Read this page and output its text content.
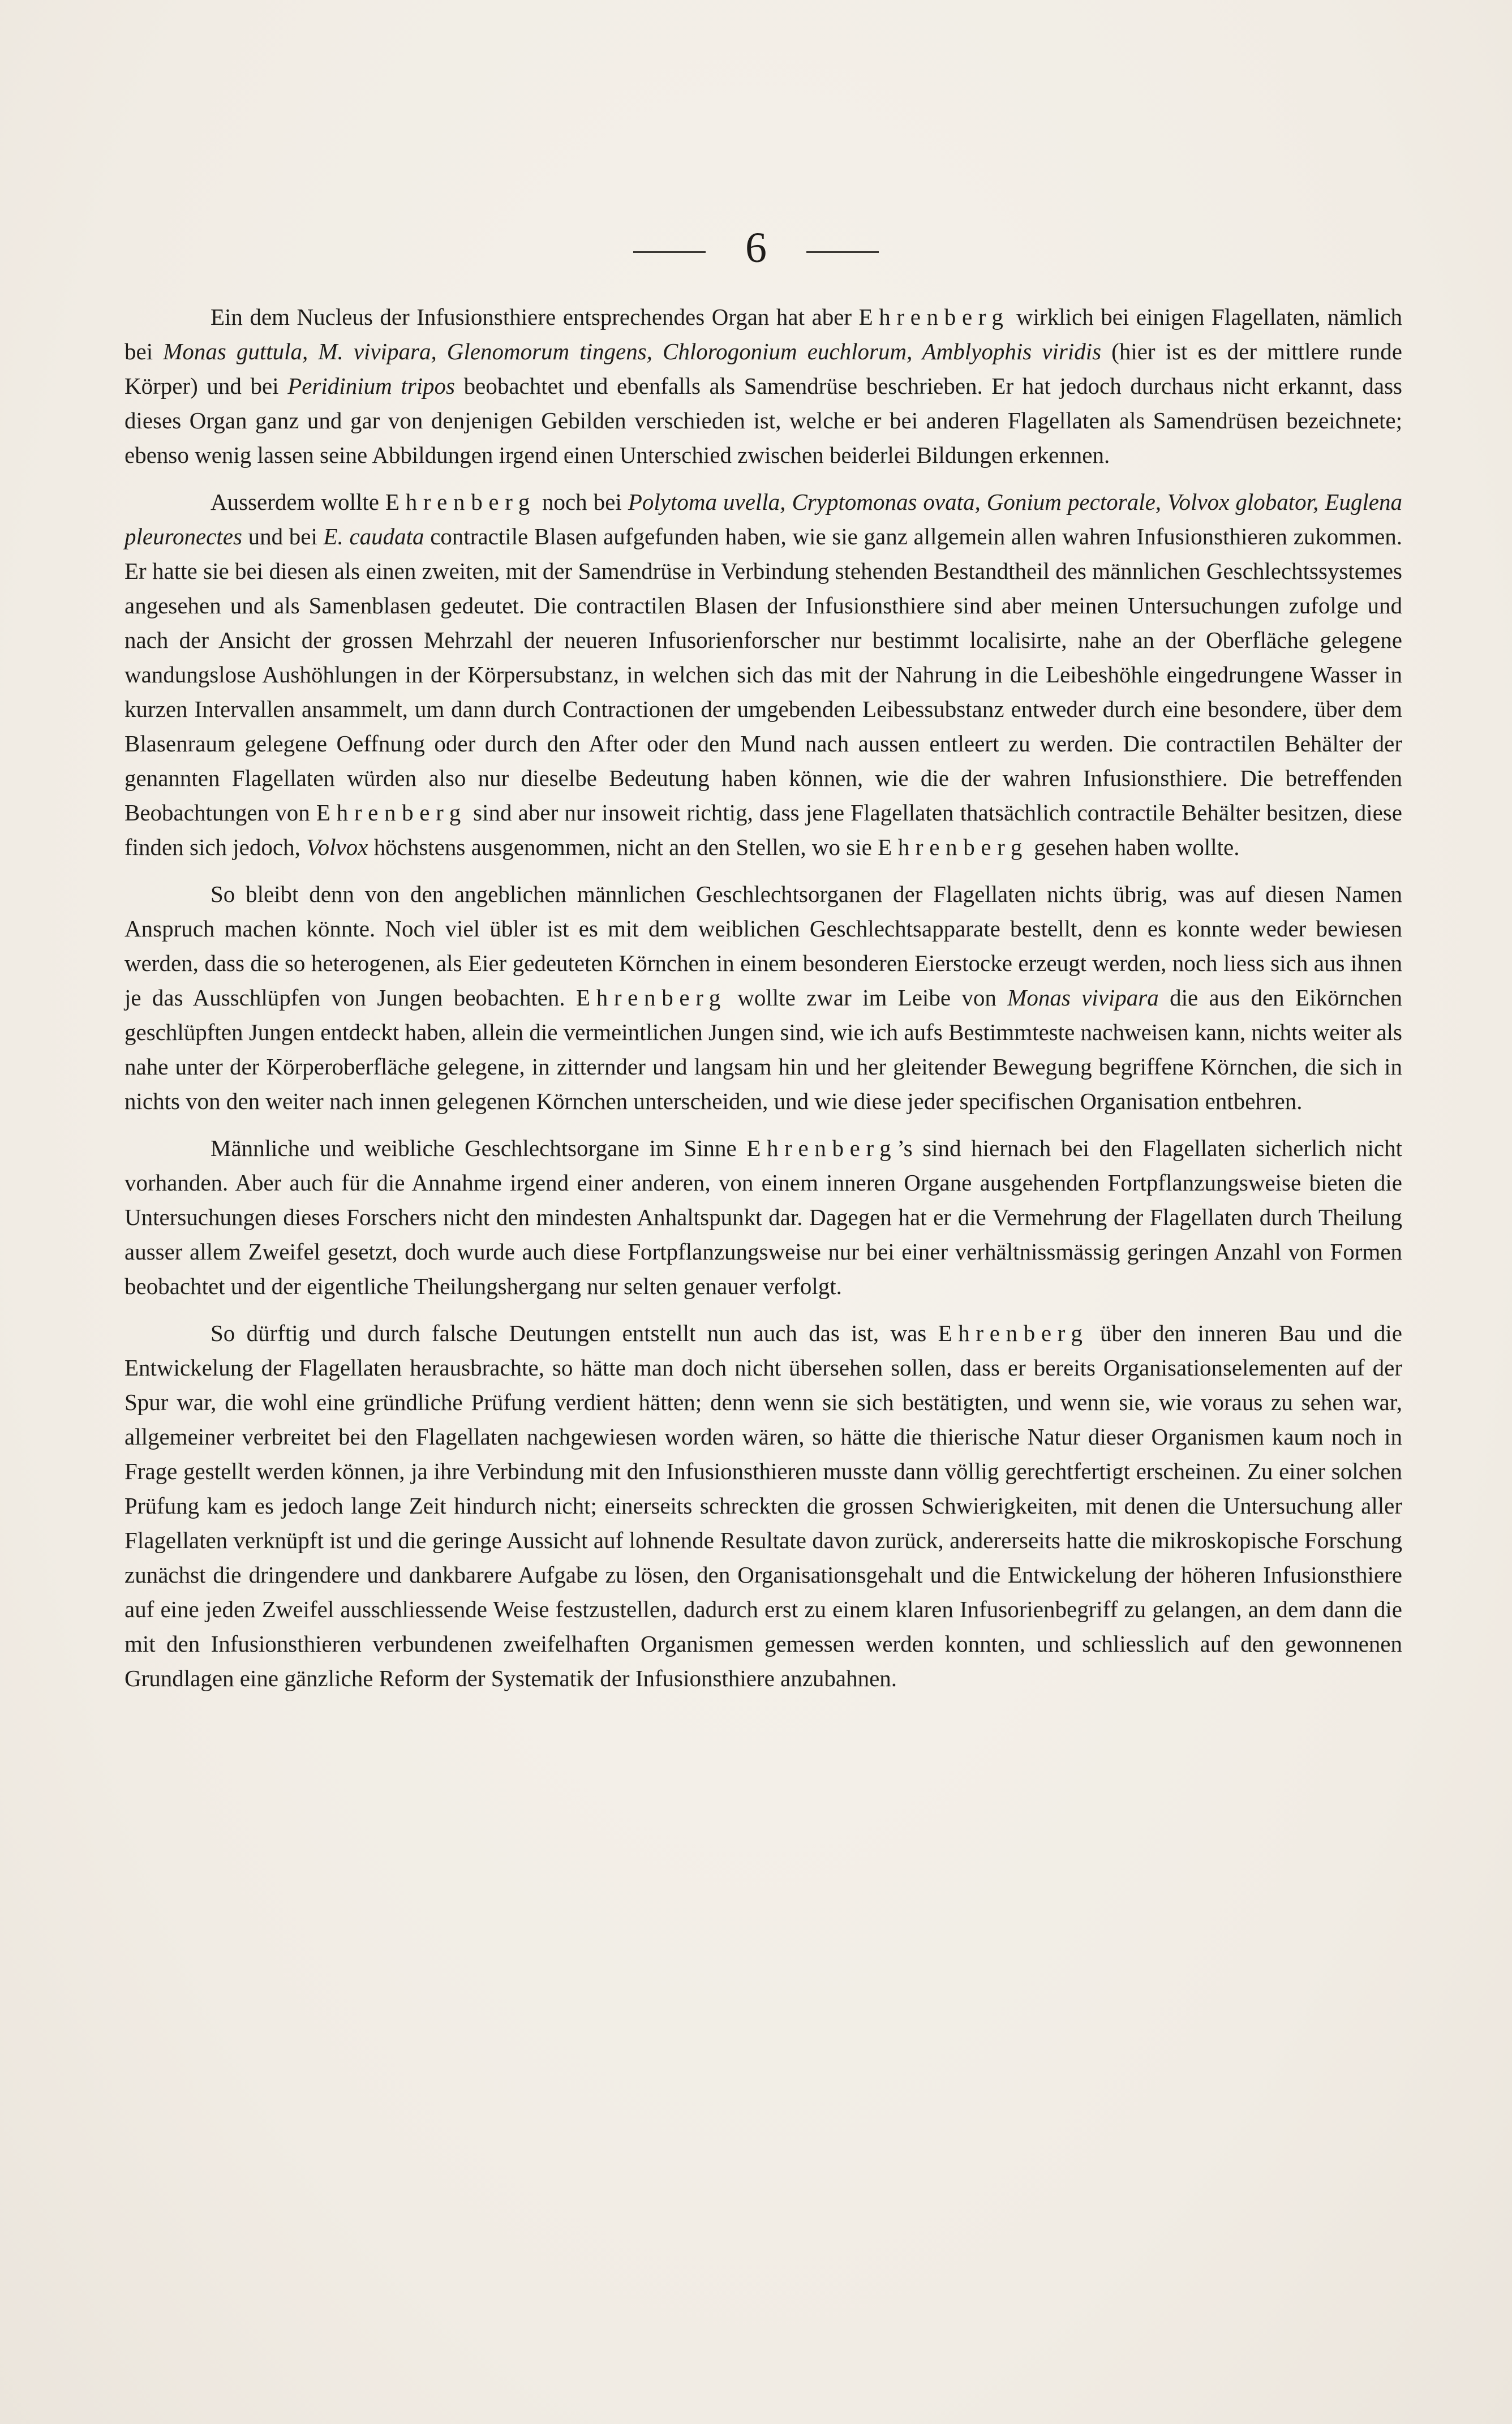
6

Ein dem Nucleus der Infusionsthiere entsprechendes Organ hat aber Ehrenberg wirklich bei einigen Flagellaten, nämlich bei Monas guttula, M. vivipara, Glenomorum tingens, Chlorogonium euchlorum, Amblyophis viridis (hier ist es der mittlere runde Körper) und bei Peridinium tripos beobachtet und ebenfalls als Samendrüse beschrieben. Er hat jedoch durchaus nicht erkannt, dass dieses Organ ganz und gar von denjenigen Gebilden verschieden ist, welche er bei anderen Flagellaten als Samendrüsen bezeichnete; ebenso wenig lassen seine Abbildungen irgend einen Unterschied zwischen beiderlei Bildungen erkennen.

Ausserdem wollte Ehrenberg noch bei Polytoma uvella, Cryptomonas ovata, Gonium pectorale, Volvox globator, Euglena pleuronectes und bei E. caudata contractile Blasen aufgefunden haben, wie sie ganz allgemein allen wahren Infusionsthieren zukommen. Er hatte sie bei diesen als einen zweiten, mit der Samendrüse in Verbindung stehenden Bestandtheil des männlichen Geschlechtssystemes angesehen und als Samenblasen gedeutet. Die contractilen Blasen der Infusionsthiere sind aber meinen Untersuchungen zufolge und nach der Ansicht der grossen Mehrzahl der neueren Infusorienforscher nur bestimmt localisirte, nahe an der Oberfläche gelegene wandungslose Aushöhlungen in der Körpersubstanz, in welchen sich das mit der Nahrung in die Leibeshöhle eingedrungene Wasser in kurzen Intervallen ansammelt, um dann durch Contractionen der umgebenden Leibessubstanz entweder durch eine besondere, über dem Blasenraum gelegene Oeffnung oder durch den After oder den Mund nach aussen entleert zu werden. Die contractilen Behälter der genannten Flagellaten würden also nur dieselbe Bedeutung haben können, wie die der wahren Infusionsthiere. Die betreffenden Beobachtungen von Ehrenberg sind aber nur insoweit richtig, dass jene Flagellaten thatsächlich contractile Behälter besitzen, diese finden sich jedoch, Volvox höchstens ausgenommen, nicht an den Stellen, wo sie Ehrenberg gesehen haben wollte.

So bleibt denn von den angeblichen männlichen Geschlechtsorganen der Flagellaten nichts übrig, was auf diesen Namen Anspruch machen könnte. Noch viel übler ist es mit dem weiblichen Geschlechtsapparate bestellt, denn es konnte weder bewiesen werden, dass die so heterogenen, als Eier gedeuteten Körnchen in einem besonderen Eierstocke erzeugt werden, noch liess sich aus ihnen je das Ausschlüpfen von Jungen beobachten. Ehrenberg wollte zwar im Leibe von Monas vivipara die aus den Eikörnchen geschlüpften Jungen entdeckt haben, allein die vermeintlichen Jungen sind, wie ich aufs Bestimmteste nachweisen kann, nichts weiter als nahe unter der Körperoberfläche gelegene, in zitternder und langsam hin und her gleitender Bewegung begriffene Körnchen, die sich in nichts von den weiter nach innen gelegenen Körnchen unterscheiden, und wie diese jeder specifischen Organisation entbehren.

Männliche und weibliche Geschlechtsorgane im Sinne Ehrenberg’s sind hiernach bei den Flagellaten sicherlich nicht vorhanden. Aber auch für die Annahme irgend einer anderen, von einem inneren Organe ausgehenden Fortpflanzungsweise bieten die Untersuchungen dieses Forschers nicht den mindesten Anhaltspunkt dar. Dagegen hat er die Vermehrung der Flagellaten durch Theilung ausser allem Zweifel gesetzt, doch wurde auch diese Fortpflanzungsweise nur bei einer verhältnissmässig geringen Anzahl von Formen beobachtet und der eigentliche Theilungshergang nur selten genauer verfolgt.

So dürftig und durch falsche Deutungen entstellt nun auch das ist, was Ehrenberg über den inneren Bau und die Entwickelung der Flagellaten herausbrachte, so hätte man doch nicht übersehen sollen, dass er bereits Organisationselementen auf der Spur war, die wohl eine gründliche Prüfung verdient hätten; denn wenn sie sich bestätigten, und wenn sie, wie voraus zu sehen war, allgemeiner verbreitet bei den Flagellaten nachgewiesen worden wären, so hätte die thierische Natur dieser Organismen kaum noch in Frage gestellt werden können, ja ihre Verbindung mit den Infusionsthieren musste dann völlig gerechtfertigt erscheinen. Zu einer solchen Prüfung kam es jedoch lange Zeit hindurch nicht; einerseits schreckten die grossen Schwierigkeiten, mit denen die Untersuchung aller Flagellaten verknüpft ist und die geringe Aussicht auf lohnende Resultate davon zurück, andererseits hatte die mikroskopische Forschung zunächst die dringendere und dankbarere Aufgabe zu lösen, den Organisationsgehalt und die Entwickelung der höheren Infusionsthiere auf eine jeden Zweifel ausschliessende Weise festzustellen, dadurch erst zu einem klaren Infusorienbegriff zu gelangen, an dem dann die mit den Infusionsthieren verbundenen zweifelhaften Organismen gemessen werden konnten, und schliesslich auf den gewonnenen Grundlagen eine gänzliche Reform der Systematik der Infusionsthiere anzubahnen.
